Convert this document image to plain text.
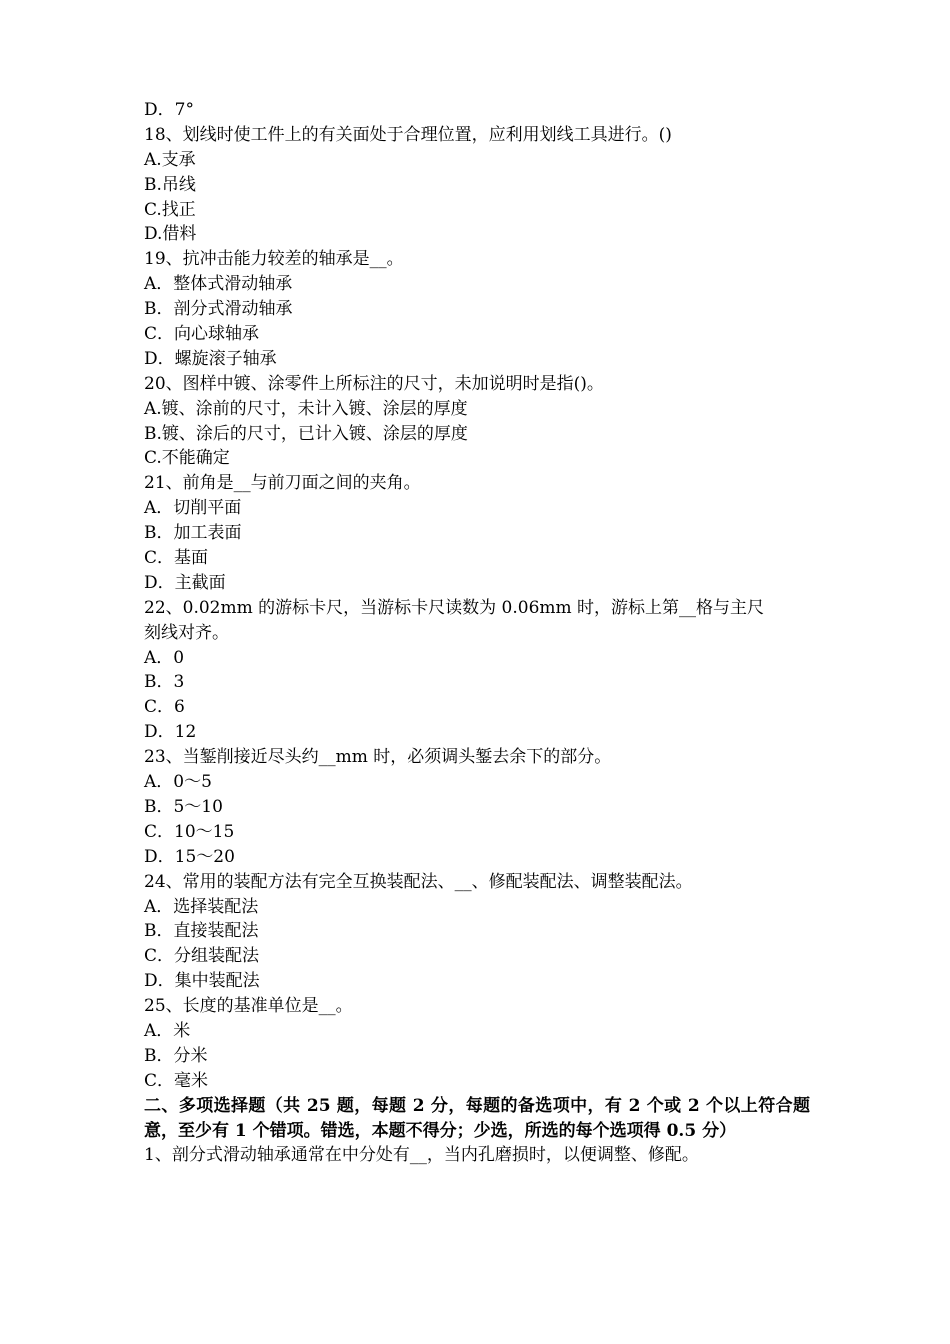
D．7°
18、划线时使工件上的有关面处于合理位置，应利用划线工具进行。()
A.支承
B.吊线
C.找正
D.借料
19、抗冲击能力较差的轴承是__。
A．整体式滑动轴承
B．剖分式滑动轴承
C．向心球轴承
D．螺旋滚子轴承
20、图样中镀、涂零件上所标注的尺寸，未加说明时是指()。
A.镀、涂前的尺寸，未计入镀、涂层的厚度
B.镀、涂后的尺寸，已计入镀、涂层的厚度
C.不能确定
21、前角是__与前刀面之间的夹角。
A．切削平面
B．加工表面
C．基面
D．主截面
22、0.02mm 的游标卡尺，当游标卡尺读数为 0.06mm 时，游标上第__格与主尺
刻线对齐。
A．0
B．3
C．6
D．12
23、当錾削接近尽头约__mm 时，必须调头錾去余下的部分。
A．0～5
B．5～10
C．10～15
D．15～20
24、常用的装配方法有完全互换装配法、__、修配装配法、调整装配法。
A．选择装配法
B．直接装配法
C．分组装配法
D．集中装配法
25、长度的基准单位是__。
A．米
B．分米
C．毫米
二、多项选择题（共 25 题，每题 2 分，每题的备选项中，有 2 个或 2 个以上符合题意，至少有 1 个错项。错选，本题不得分；少选，所选的每个选项得 0.5 分）
1、剖分式滑动轴承通常在中分处有__，当内孔磨损时，以便调整、修配。
